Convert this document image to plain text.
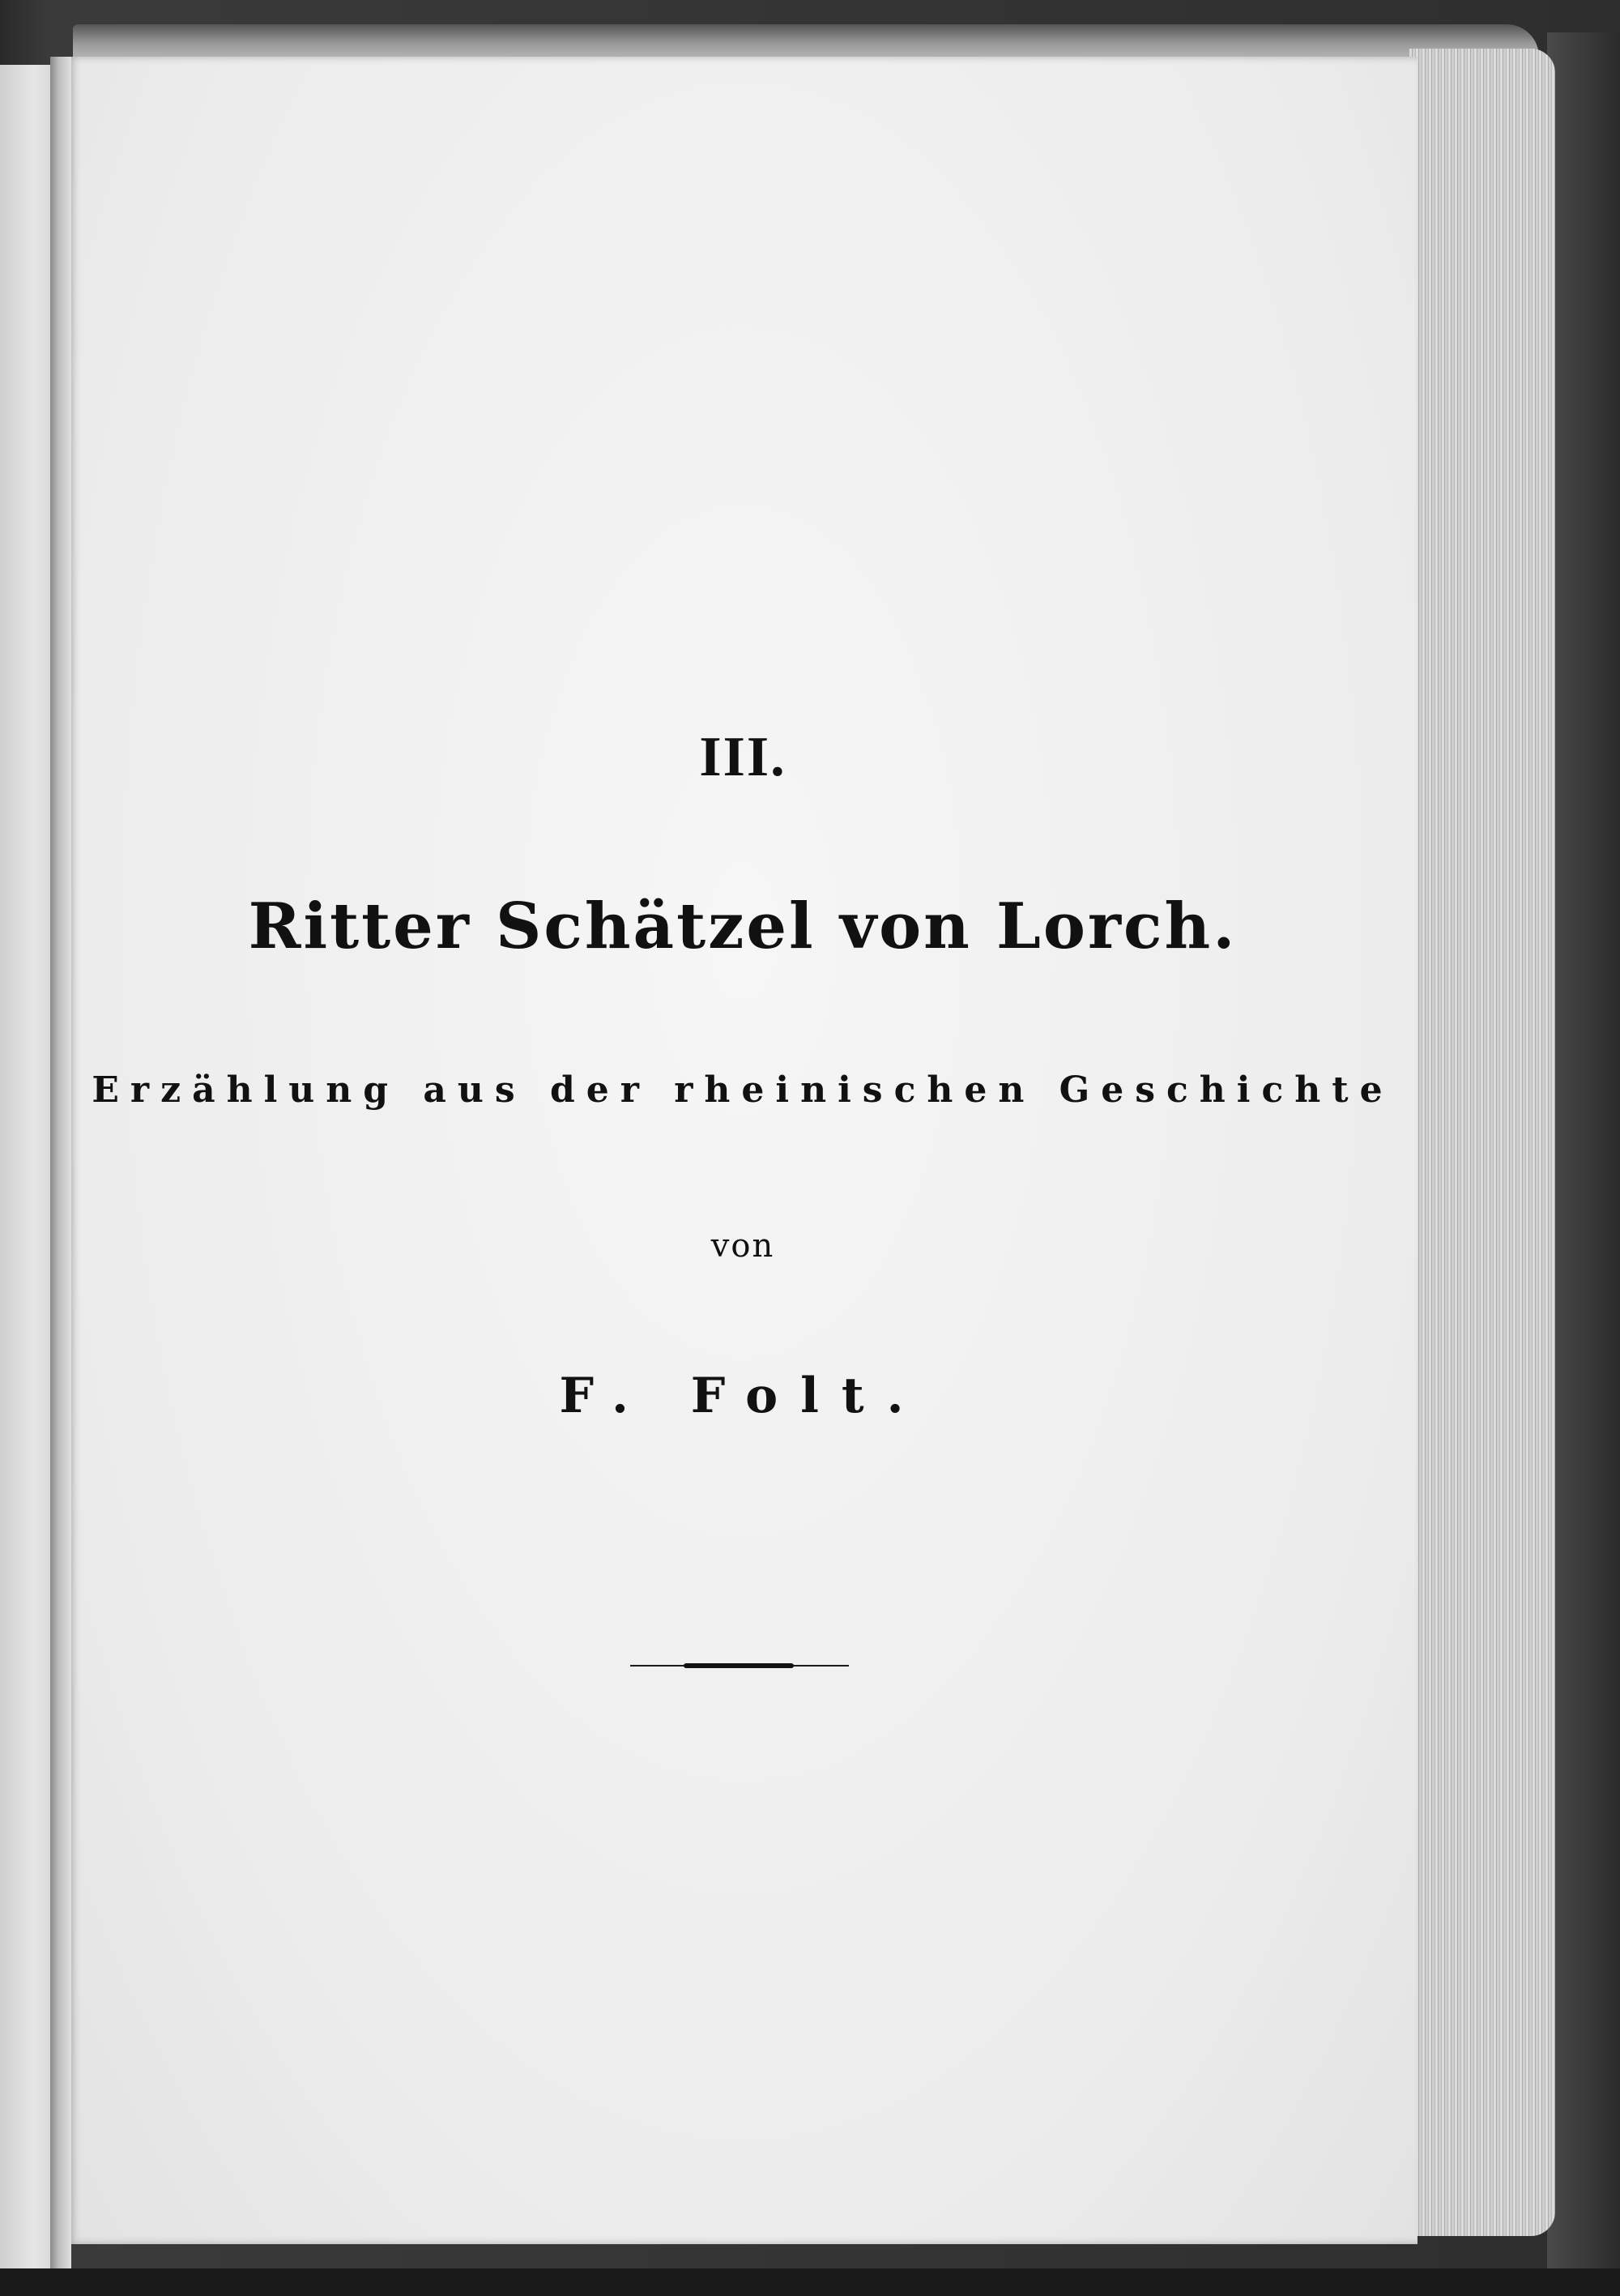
III.
Ritter Schätzel von Lorch.
Erzählung aus der rheinischen Geschichte
von
F. Folt.
